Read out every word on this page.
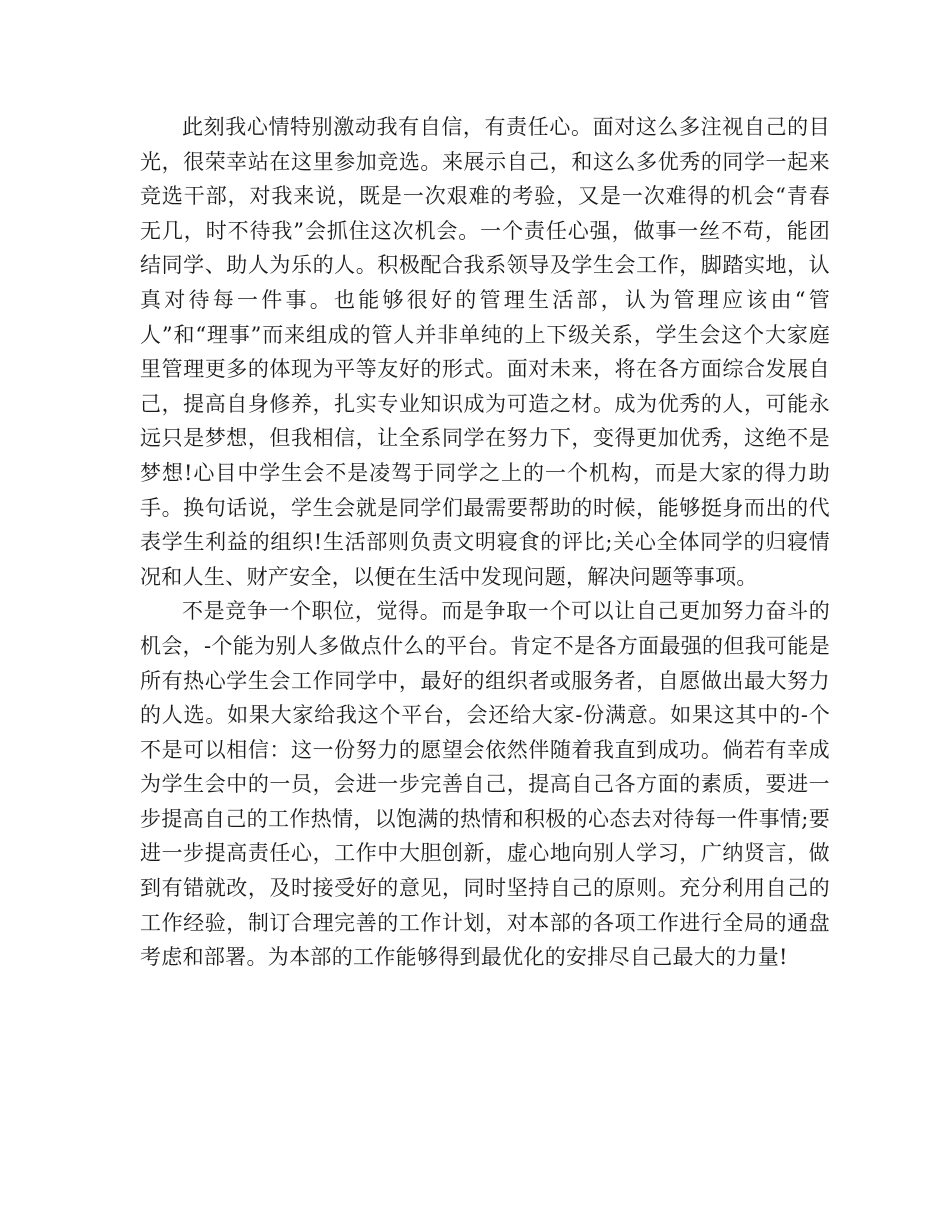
此刻我心情特别激动我有自信，有责任心。面对这么多注视自己的目光，很荣幸站在这里参加竞选。来展示自己，和这么多优秀的同学一起来竞选干部，对我来说，既是一次艰难的考验，又是一次难得的机会“青春无几，时不待我”会抓住这次机会。一个责任心强，做事一丝不苟，能团结同学、助人为乐的人。积极配合我系领导及学生会工作，脚踏实地，认真对待每一件事。也能够很好的管理生活部，认为管理应该由“管人”和“理事”而来组成的管人并非单纯的上下级关系，学生会这个大家庭里管理更多的体现为平等友好的形式。面对未来，将在各方面综合发展自己，提高自身修养，扎实专业知识成为可造之材。成为优秀的人，可能永远只是梦想，但我相信，让全系同学在努力下，变得更加优秀，这绝不是梦想!心目中学生会不是凌驾于同学之上的一个机构，而是大家的得力助手。换句话说，学生会就是同学们最需要帮助的时候，能够挺身而出的代表学生利益的组织!生活部则负责文明寝食的评比;关心全体同学的归寝情况和人生、财产安全，以便在生活中发现问题，解决问题等事项。

不是竞争一个职位，觉得。而是争取一个可以让自己更加努力奋斗的机会，-个能为别人多做点什么的平台。肯定不是各方面最强的但我可能是所有热心学生会工作同学中，最好的组织者或服务者，自愿做出最大努力的人选。如果大家给我这个平台，会还给大家-份满意。如果这其中的-个不是可以相信：这一份努力的愿望会依然伴随着我直到成功。倘若有幸成为学生会中的一员，会进一步完善自己，提高自己各方面的素质，要进一步提高自己的工作热情，以饱满的热情和积极的心态去对待每一件事情;要进一步提高责任心，工作中大胆创新，虚心地向别人学习，广纳贤言，做到有错就改，及时接受好的意见，同时坚持自己的原则。充分利用自己的工作经验，制订合理完善的工作计划，对本部的各项工作进行全局的通盘考虑和部署。为本部的工作能够得到最优化的安排尽自己最大的力量!
